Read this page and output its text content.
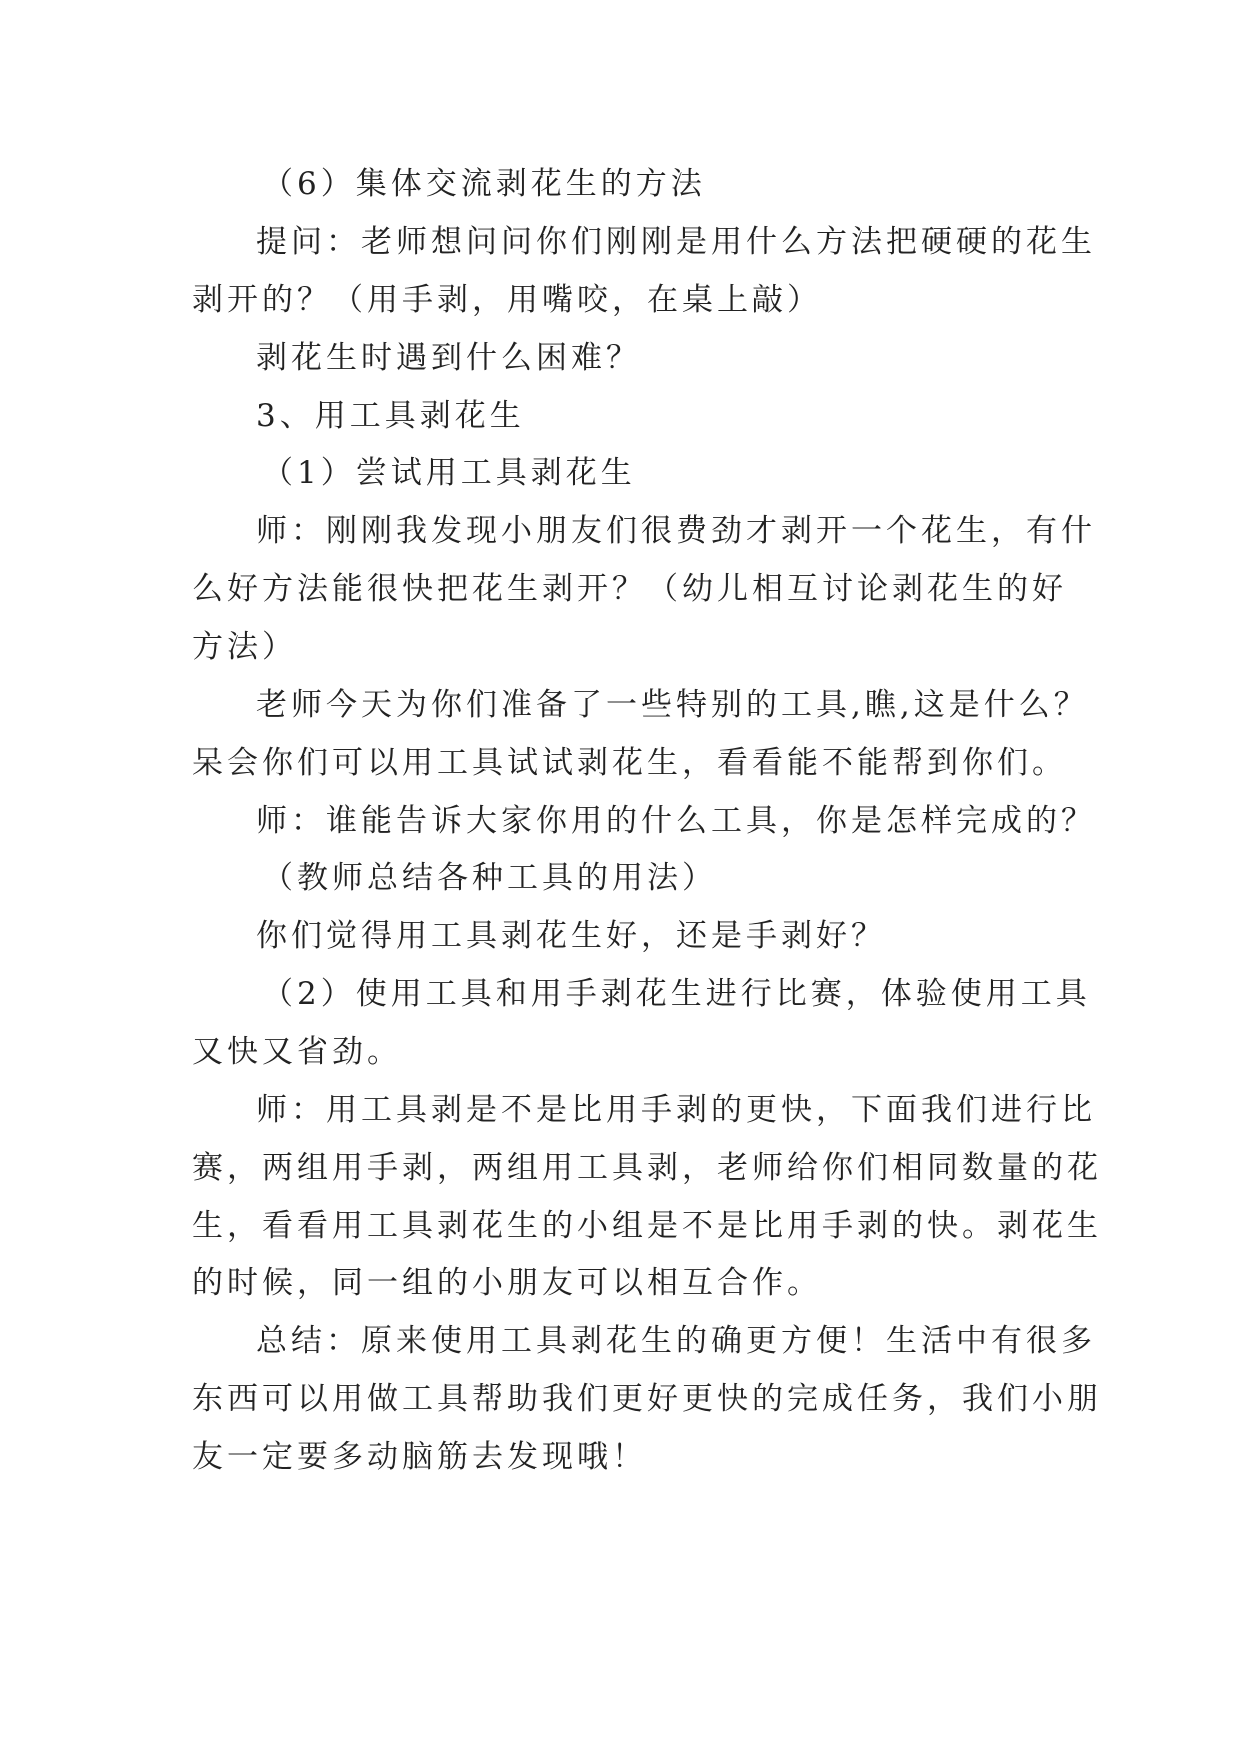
（6）集体交流剥花生的方法
提问：老师想问问你们刚刚是用什么方法把硬硬的花生
剥开的？（用手剥，用嘴咬，在桌上敲）
剥花生时遇到什么困难？
3、用工具剥花生
（1）尝试用工具剥花生
师：刚刚我发现小朋友们很费劲才剥开一个花生，有什
么好方法能很快把花生剥开？（幼儿相互讨论剥花生的好
方法）
老师今天为你们准备了一些特别的工具,瞧,这是什么？
呆会你们可以用工具试试剥花生，看看能不能帮到你们。
师：谁能告诉大家你用的什么工具，你是怎样完成的？
（教师总结各种工具的用法）
你们觉得用工具剥花生好，还是手剥好？
（2）使用工具和用手剥花生进行比赛，体验使用工具
又快又省劲。
师：用工具剥是不是比用手剥的更快，下面我们进行比
赛，两组用手剥，两组用工具剥，老师给你们相同数量的花
生，看看用工具剥花生的小组是不是比用手剥的快。剥花生
的时候，同一组的小朋友可以相互合作。
总结：原来使用工具剥花生的确更方便！生活中有很多
东西可以用做工具帮助我们更好更快的完成任务，我们小朋
友一定要多动脑筋去发现哦！
